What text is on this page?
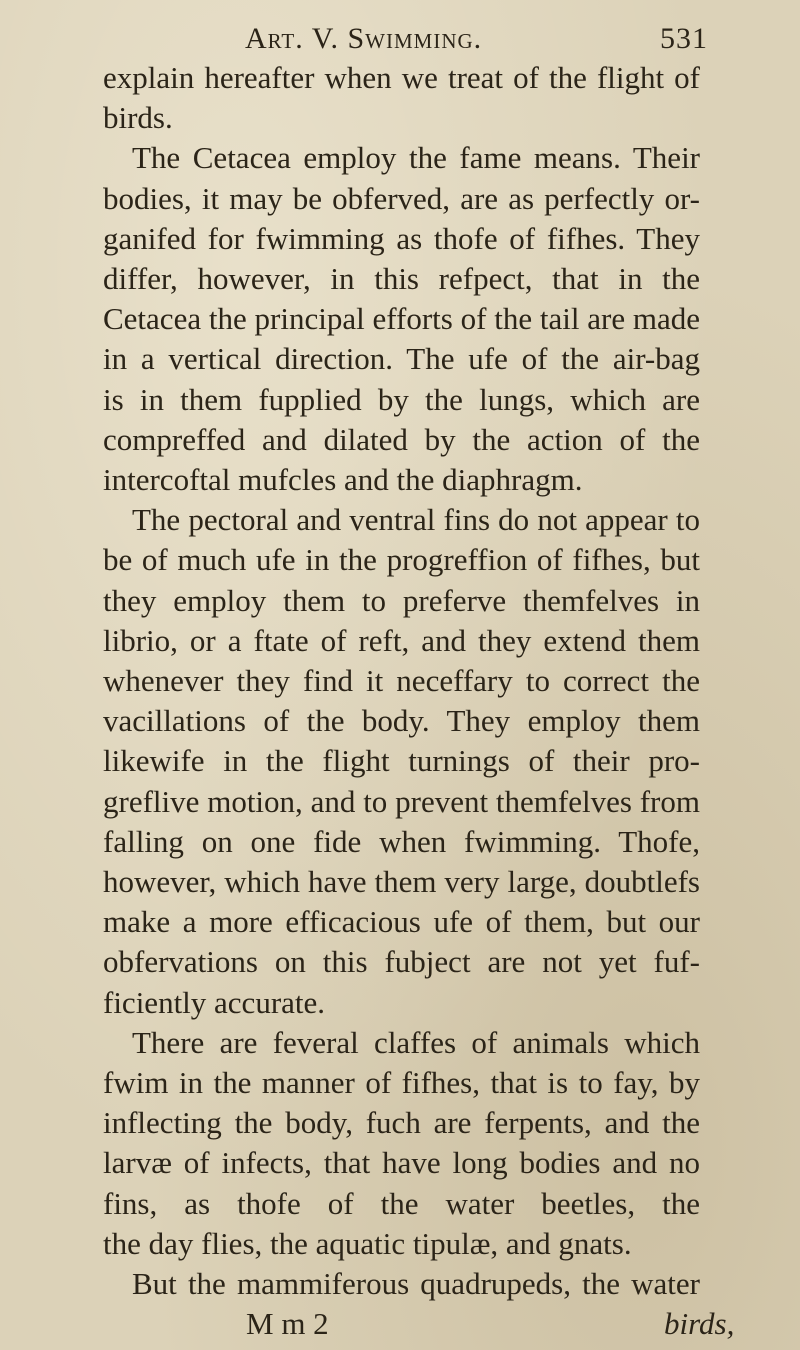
Art. V. Swimming.	531
explain hereafter when we treat of the flight of
birds.
The Cetacea employ the fame means. Their
bodies, it may be obferved, are as perfectly or-
ganifed for fwimming as thofe of fifhes. They
differ, however, in this refpect, that in the
Cetacea the principal efforts of the tail are made
in a vertical direction. The ufe of the air-bag
is in them fupplied by the lungs, which are
compreffed and dilated by the action of the
intercoftal mufcles and the diaphragm.
The pectoral and ventral fins do not appear to
be of much ufe in the progreffion of fifhes, but
they employ them to preferve themfelves in
librio, or a ftate of reft, and they extend them
whenever they find it neceffary to correct the
vacillations of the body. They employ them
likewife in the flight turnings of their pro-
greflive motion, and to prevent themfelves from
falling on one fide when fwimming. Thofe,
however, which have them very large, doubtlefs
make a more efficacious ufe of them, but our
obfervations on this fubject are not yet fuf-
ficiently accurate.
There are feveral claffes of animals which
fwim in the manner of fifhes, that is to fay, by
inflecting the body, fuch are ferpents, and the
larvæ of infects, that have long bodies and no
fins, as thofe of the water beetles, the
the day flies, the aquatic tipulæ, and gnats.
But the mammiferous quadrupeds, the water
M m 2	birds,
